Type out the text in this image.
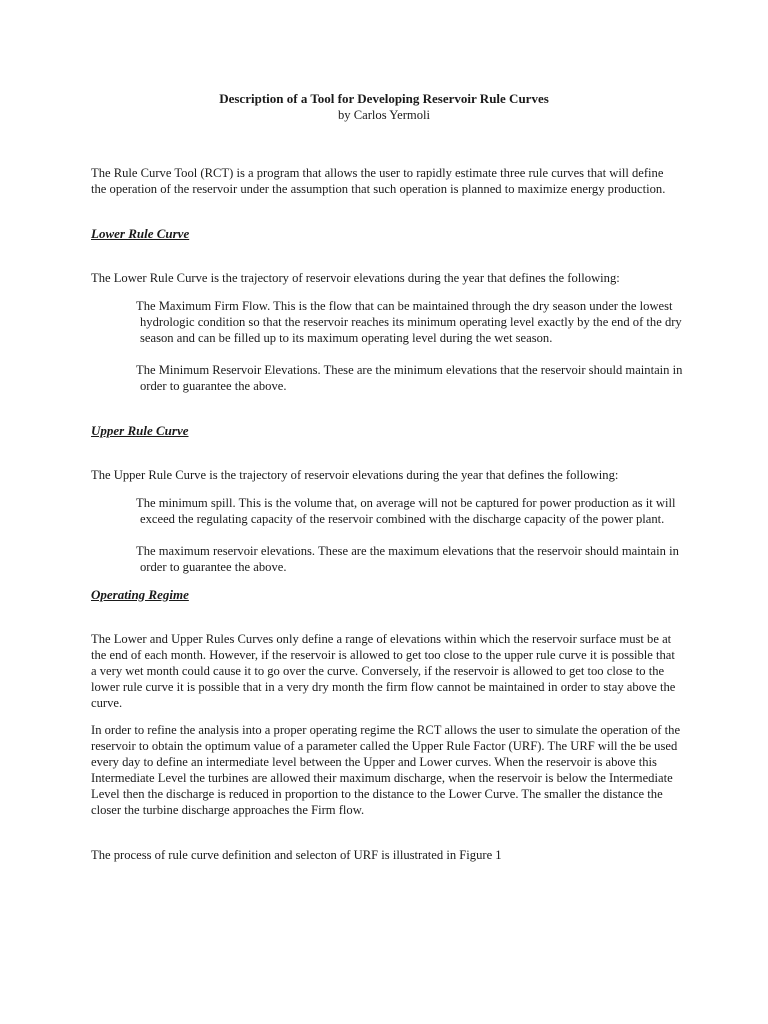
Description of a Tool for Developing Reservoir Rule Curves
by Carlos Yermoli

The Rule Curve Tool (RCT) is a program that allows the user to rapidly estimate three rule curves that will define the operation of the reservoir under the assumption that such operation is planned to maximize energy production.

Lower Rule Curve

The Lower Rule Curve is the trajectory of reservoir elevations during the year that defines the following:

The Maximum Firm Flow. This is the flow that can be maintained through the dry season under the lowest hydrologic condition so that the reservoir reaches its minimum operating level exactly by the end of the dry season and can be filled up to its maximum operating level during the wet season.

The Minimum Reservoir Elevations. These are the minimum elevations that the reservoir should maintain in order to guarantee the above.

Upper Rule Curve

The Upper Rule Curve is the trajectory of reservoir elevations during the year that defines the following:

The minimum spill. This is the volume that, on average will not be captured for power production as it will exceed the regulating capacity of the reservoir combined with the discharge capacity of the power plant.

The maximum reservoir elevations. These are the maximum elevations that the reservoir should maintain in order to guarantee the above.

Operating Regime

The Lower and Upper Rules Curves only define a range of elevations within which the reservoir surface must be at the end of each month. However, if the reservoir is allowed to get too close to the upper rule curve it is possible that a very wet month could cause it to go over the curve. Conversely, if the reservoir is allowed to get too close to the lower rule curve it is possible that in a very dry month the firm flow cannot be maintained in order to stay above the curve.

In order to refine the analysis into a proper operating regime the RCT allows the user to simulate the operation of the reservoir to obtain the optimum value of a parameter called the Upper Rule Factor (URF). The URF will the be used every day to define an intermediate level between the Upper and Lower curves. When the reservoir is above this Intermediate Level the turbines are allowed their maximum discharge, when the reservoir is below the Intermediate Level then the discharge is reduced in proportion to the distance to the Lower Curve. The smaller the distance the closer the turbine discharge approaches the Firm flow.

The process of rule curve definition and selecton of URF is illustrated in Figure 1
